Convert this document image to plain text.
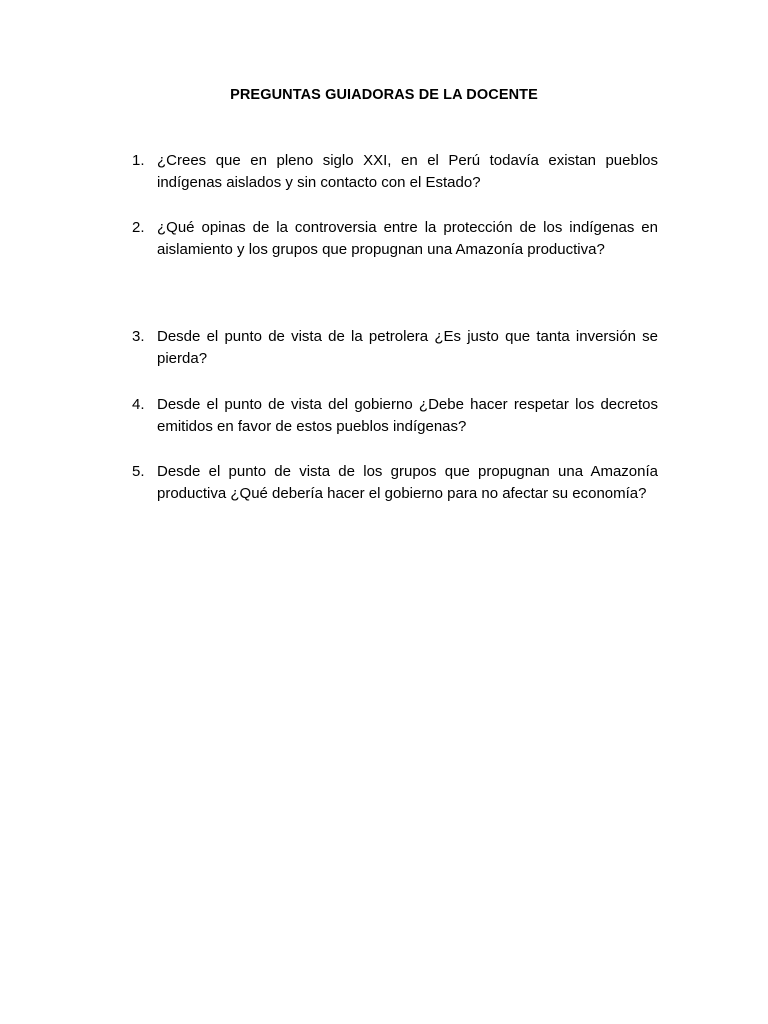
PREGUNTAS GUIADORAS DE LA DOCENTE
1. ¿Crees que en pleno siglo XXI, en el Perú todavía existan pueblos indígenas aislados y sin contacto con el Estado?
2. ¿Qué opinas de la controversia entre la protección de los indígenas en aislamiento y los grupos que propugnan una Amazonía productiva?
3. Desde el punto de vista de la petrolera ¿Es justo que tanta inversión se pierda?
4. Desde el punto de vista del gobierno ¿Debe hacer respetar los decretos emitidos en favor de estos pueblos indígenas?
5. Desde el punto de vista de los grupos que propugnan una Amazonía productiva ¿Qué debería hacer el gobierno para no afectar su economía?
